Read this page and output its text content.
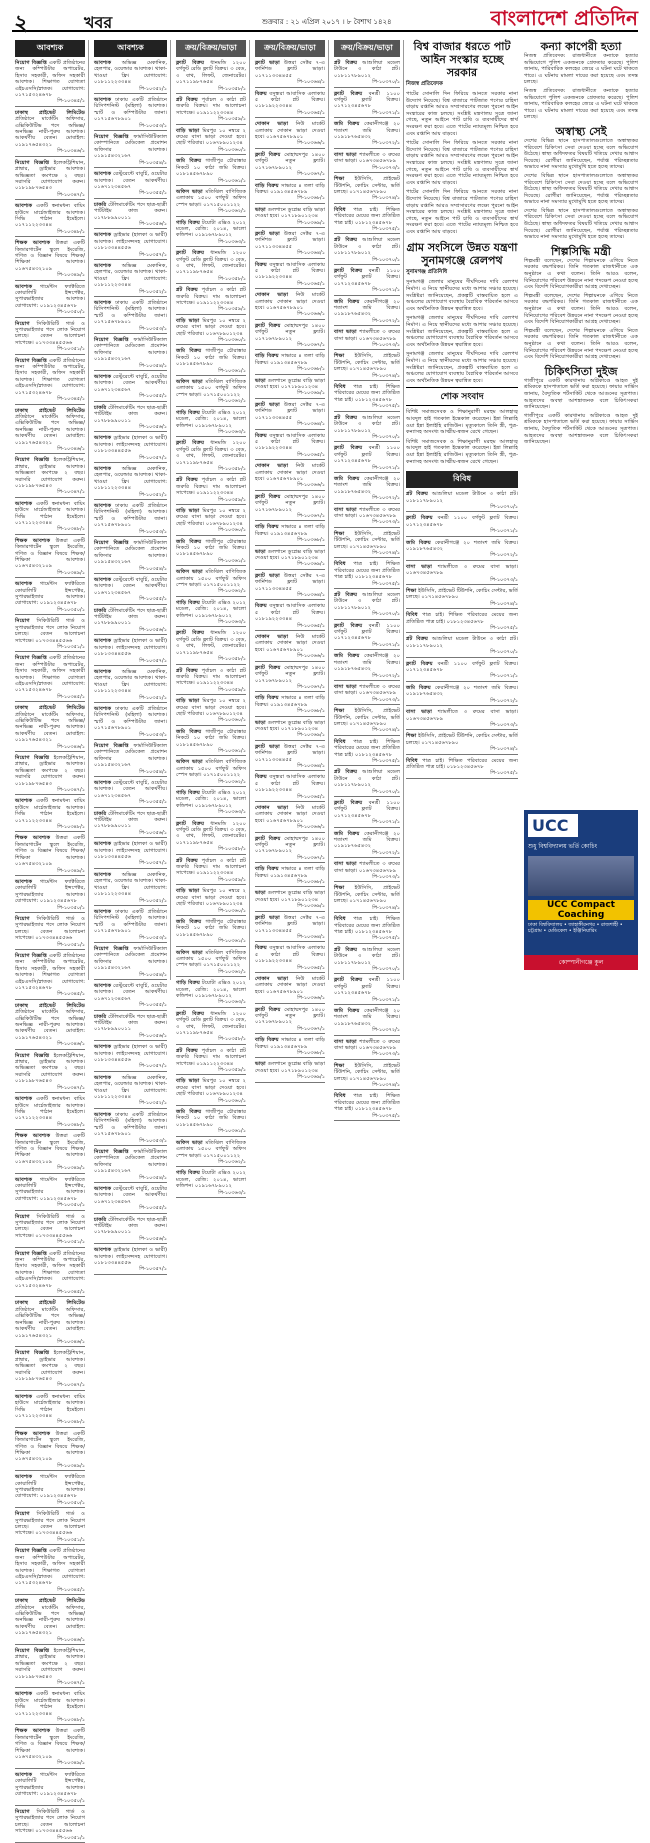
২	খবর	শুক্রবার : ২১ এপ্রিল ২০১৭ । ৮ বৈশাখ ১৪২৪	বাংলাদেশ প্রতিদিন
আবশ্যক
নিয়োগ বিজ্ঞপ্তি একটি প্রতিষ্ঠানের জন্য কম্পিউটার অপারেটর, হিসাব সহকারী, অফিস সহকারী আবশ্যক। শিক্ষাগত যোগ্যতা এইচএসসি/স্নাতক। যোগাযোগ: ০১৭১৫৩২৪৬৭৮
পি-১০৩৪৫/১
ঢাকাস্থ প্রাইভেট লিমিটেড প্রতিষ্ঠানে মার্কেটিং অফিসার, এক্সিকিউটিভ পদে অভিজ্ঞ/অনভিজ্ঞ নারী-পুরুষ আবশ্যক। আকর্ষণীয় বেতন। মোবাইল: ০১৯১৭৬৫৪৩২১
পি-১০৩৪৬/১
নিয়োগ বিজ্ঞপ্তি ইলেকট্রিশিয়ান, প্লাম্বার, ড্রাইভার আবশ্যক। অভিজ্ঞতা কমপক্ষে ২ বছর। সরাসরি যোগাযোগ করুন। ০১৮১৯৮৭৬৫৪৩
পি-১০৩৪৭/১
আবশ্যক একটি স্বনামধন্য বায়িং হাউসে মার্চেন্ডাইজার আবশ্যক। সিভি পাঠান ইমেইলে। ০১৭১১২২৩৩৪৪
পি-১০৩৪৮/১
শিক্ষক আবশ্যক উত্তরা একটি কিন্ডারগার্টেন স্কুলে ইংরেজি, গণিত ও বিজ্ঞান বিষয়ে শিক্ষক/শিক্ষিকা আবশ্যক। ০১৬৭৫৪৩২১০৯
পি-১০৩৪৯/১
আবশ্যক গার্মেন্টস ফ্যাক্টরিতে কোয়ালিটি ইন্সপেক্টর, সুপারভাইজার আবশ্যক। যোগাযোগ: ০১৯১২৩৪৫৬৭৮
পি-১০৩৫০/১
নিয়োগ সিকিউরিটি গার্ড ও সুপারভাইজার পদে লোক নিয়োগ চলছে। বেতন আলোচনা সাপেক্ষে। ০১৭৩৩৪৪৫৫৬৬
পি-১০৩৫১/১
নিয়োগ বিজ্ঞপ্তি একটি প্রতিষ্ঠানের জন্য কম্পিউটার অপারেটর, হিসাব সহকারী, অফিস সহকারী আবশ্যক। শিক্ষাগত যোগ্যতা এইচএসসি/স্নাতক। যোগাযোগ: ০১৭১৫৩২৪৬৭৮
পি-১০৩৪৫/১
ঢাকাস্থ প্রাইভেট লিমিটেড প্রতিষ্ঠানে মার্কেটিং অফিসার, এক্সিকিউটিভ পদে অভিজ্ঞ/অনভিজ্ঞ নারী-পুরুষ আবশ্যক। আকর্ষণীয় বেতন। মোবাইল: ০১৯১৭৬৫৪৩২১
পি-১০৩৪৬/১
নিয়োগ বিজ্ঞপ্তি ইলেকট্রিশিয়ান, প্লাম্বার, ড্রাইভার আবশ্যক। অভিজ্ঞতা কমপক্ষে ২ বছর। সরাসরি যোগাযোগ করুন। ০১৮১৯৮৭৬৫৪৩
পি-১০৩৪৭/১
আবশ্যক একটি স্বনামধন্য বায়িং হাউসে মার্চেন্ডাইজার আবশ্যক। সিভি পাঠান ইমেইলে। ০১৭১১২২৩৩৪৪
পি-১০৩৪৮/১
শিক্ষক আবশ্যক উত্তরা একটি কিন্ডারগার্টেন স্কুলে ইংরেজি, গণিত ও বিজ্ঞান বিষয়ে শিক্ষক/শিক্ষিকা আবশ্যক। ০১৬৭৫৪৩২১০৯
পি-১০৩৪৯/১
আবশ্যক গার্মেন্টস ফ্যাক্টরিতে কোয়ালিটি ইন্সপেক্টর, সুপারভাইজার আবশ্যক। যোগাযোগ: ০১৯১২৩৪৫৬৭৮
পি-১০৩৫০/১
নিয়োগ সিকিউরিটি গার্ড ও সুপারভাইজার পদে লোক নিয়োগ চলছে। বেতন আলোচনা সাপেক্ষে। ০১৭৩৩৪৪৫৫৬৬
পি-১০৩৫১/১
নিয়োগ বিজ্ঞপ্তি একটি প্রতিষ্ঠানের জন্য কম্পিউটার অপারেটর, হিসাব সহকারী, অফিস সহকারী আবশ্যক। শিক্ষাগত যোগ্যতা এইচএসসি/স্নাতক। যোগাযোগ: ০১৭১৫৩২৪৬৭৮
পি-১০৩৪৫/১
ঢাকাস্থ প্রাইভেট লিমিটেড প্রতিষ্ঠানে মার্কেটিং অফিসার, এক্সিকিউটিভ পদে অভিজ্ঞ/অনভিজ্ঞ নারী-পুরুষ আবশ্যক। আকর্ষণীয় বেতন। মোবাইল: ০১৯১৭৬৫৪৩২১
পি-১০৩৪৬/১
নিয়োগ বিজ্ঞপ্তি ইলেকট্রিশিয়ান, প্লাম্বার, ড্রাইভার আবশ্যক। অভিজ্ঞতা কমপক্ষে ২ বছর। সরাসরি যোগাযোগ করুন। ০১৮১৯৮৭৬৫৪৩
পি-১০৩৪৭/১
আবশ্যক একটি স্বনামধন্য বায়িং হাউসে মার্চেন্ডাইজার আবশ্যক। সিভি পাঠান ইমেইলে। ০১৭১১২২৩৩৪৪
পি-১০৩৪৮/১
শিক্ষক আবশ্যক উত্তরা একটি কিন্ডারগার্টেন স্কুলে ইংরেজি, গণিত ও বিজ্ঞান বিষয়ে শিক্ষক/শিক্ষিকা আবশ্যক। ০১৬৭৫৪৩২১০৯
পি-১০৩৪৯/১
আবশ্যক গার্মেন্টস ফ্যাক্টরিতে কোয়ালিটি ইন্সপেক্টর, সুপারভাইজার আবশ্যক। যোগাযোগ: ০১৯১২৩৪৫৬৭৮
পি-১০৩৫০/১
নিয়োগ সিকিউরিটি গার্ড ও সুপারভাইজার পদে লোক নিয়োগ চলছে। বেতন আলোচনা সাপেক্ষে। ০১৭৩৩৪৪৫৫৬৬
পি-১০৩৫১/১
নিয়োগ বিজ্ঞপ্তি একটি প্রতিষ্ঠানের জন্য কম্পিউটার অপারেটর, হিসাব সহকারী, অফিস সহকারী আবশ্যক। শিক্ষাগত যোগ্যতা এইচএসসি/স্নাতক। যোগাযোগ: ০১৭১৫৩২৪৬৭৮
পি-১০৩৪৫/১
ঢাকাস্থ প্রাইভেট লিমিটেড প্রতিষ্ঠানে মার্কেটিং অফিসার, এক্সিকিউটিভ পদে অভিজ্ঞ/অনভিজ্ঞ নারী-পুরুষ আবশ্যক। আকর্ষণীয় বেতন। মোবাইল: ০১৯১৭৬৫৪৩২১
পি-১০৩৪৬/১
নিয়োগ বিজ্ঞপ্তি ইলেকট্রিশিয়ান, প্লাম্বার, ড্রাইভার আবশ্যক। অভিজ্ঞতা কমপক্ষে ২ বছর। সরাসরি যোগাযোগ করুন। ০১৮১৯৮৭৬৫৪৩
পি-১০৩৪৭/১
আবশ্যক একটি স্বনামধন্য বায়িং হাউসে মার্চেন্ডাইজার আবশ্যক। সিভি পাঠান ইমেইলে। ০১৭১১২২৩৩৪৪
পি-১০৩৪৮/১
শিক্ষক আবশ্যক উত্তরা একটি কিন্ডারগার্টেন স্কুলে ইংরেজি, গণিত ও বিজ্ঞান বিষয়ে শিক্ষক/শিক্ষিকা আবশ্যক। ০১৬৭৫৪৩২১০৯
পি-১০৩৪৯/১
আবশ্যক গার্মেন্টস ফ্যাক্টরিতে কোয়ালিটি ইন্সপেক্টর, সুপারভাইজার আবশ্যক। যোগাযোগ: ০১৯১২৩৪৫৬৭৮
পি-১০৩৫০/১
নিয়োগ সিকিউরিটি গার্ড ও সুপারভাইজার পদে লোক নিয়োগ চলছে। বেতন আলোচনা সাপেক্ষে। ০১৭৩৩৪৪৫৫৬৬
পি-১০৩৫১/১
নিয়োগ বিজ্ঞপ্তি একটি প্রতিষ্ঠানের জন্য কম্পিউটার অপারেটর, হিসাব সহকারী, অফিস সহকারী আবশ্যক। শিক্ষাগত যোগ্যতা এইচএসসি/স্নাতক। যোগাযোগ: ০১৭১৫৩২৪৬৭৮
পি-১০৩৪৫/১
ঢাকাস্থ প্রাইভেট লিমিটেড প্রতিষ্ঠানে মার্কেটিং অফিসার, এক্সিকিউটিভ পদে অভিজ্ঞ/অনভিজ্ঞ নারী-পুরুষ আবশ্যক। আকর্ষণীয় বেতন। মোবাইল: ০১৯১৭৬৫৪৩২১
পি-১০৩৪৬/১
নিয়োগ বিজ্ঞপ্তি ইলেকট্রিশিয়ান, প্লাম্বার, ড্রাইভার আবশ্যক। অভিজ্ঞতা কমপক্ষে ২ বছর। সরাসরি যোগাযোগ করুন। ০১৮১৯৮৭৬৫৪৩
পি-১০৩৪৭/১
আবশ্যক একটি স্বনামধন্য বায়িং হাউসে মার্চেন্ডাইজার আবশ্যক। সিভি পাঠান ইমেইলে। ০১৭১১২২৩৩৪৪
পি-১০৩৪৮/১
শিক্ষক আবশ্যক উত্তরা একটি কিন্ডারগার্টেন স্কুলে ইংরেজি, গণিত ও বিজ্ঞান বিষয়ে শিক্ষক/শিক্ষিকা আবশ্যক। ০১৬৭৫৪৩২১০৯
পি-১০৩৪৯/১
আবশ্যক গার্মেন্টস ফ্যাক্টরিতে কোয়ালিটি ইন্সপেক্টর, সুপারভাইজার আবশ্যক। যোগাযোগ: ০১৯১২৩৪৫৬৭৮
পি-১০৩৫০/১
নিয়োগ সিকিউরিটি গার্ড ও সুপারভাইজার পদে লোক নিয়োগ চলছে। বেতন আলোচনা সাপেক্ষে। ০১৭৩৩৪৪৫৫৬৬
পি-১০৩৫১/১
নিয়োগ বিজ্ঞপ্তি একটি প্রতিষ্ঠানের জন্য কম্পিউটার অপারেটর, হিসাব সহকারী, অফিস সহকারী আবশ্যক। শিক্ষাগত যোগ্যতা এইচএসসি/স্নাতক। যোগাযোগ: ০১৭১৫৩২৪৬৭৮
পি-১০৩৪৫/১
ঢাকাস্থ প্রাইভেট লিমিটেড প্রতিষ্ঠানে মার্কেটিং অফিসার, এক্সিকিউটিভ পদে অভিজ্ঞ/অনভিজ্ঞ নারী-পুরুষ আবশ্যক। আকর্ষণীয় বেতন। মোবাইল: ০১৯১৭৬৫৪৩২১
পি-১০৩৪৬/১
নিয়োগ বিজ্ঞপ্তি ইলেকট্রিশিয়ান, প্লাম্বার, ড্রাইভার আবশ্যক। অভিজ্ঞতা কমপক্ষে ২ বছর। সরাসরি যোগাযোগ করুন। ০১৮১৯৮৭৬৫৪৩
পি-১০৩৪৭/১
আবশ্যক একটি স্বনামধন্য বায়িং হাউসে মার্চেন্ডাইজার আবশ্যক। সিভি পাঠান ইমেইলে। ০১৭১১২২৩৩৪৪
পি-১০৩৪৮/১
শিক্ষক আবশ্যক উত্তরা একটি কিন্ডারগার্টেন স্কুলে ইংরেজি, গণিত ও বিজ্ঞান বিষয়ে শিক্ষক/শিক্ষিকা আবশ্যক। ০১৬৭৫৪৩২১০৯
পি-১০৩৪৯/১
আবশ্যক গার্মেন্টস ফ্যাক্টরিতে কোয়ালিটি ইন্সপেক্টর, সুপারভাইজার আবশ্যক। যোগাযোগ: ০১৯১২৩৪৫৬৭৮
পি-১০৩৫০/১
নিয়োগ সিকিউরিটি গার্ড ও সুপারভাইজার পদে লোক নিয়োগ চলছে। বেতন আলোচনা সাপেক্ষে। ০১৭৩৩৪৪৫৫৬৬
পি-১০৩৫১/১
আবশ্যক
আবশ্যক অভিজ্ঞ মেকানিক, হেলপার, ওয়েল্ডার আবশ্যক। থাকা-খাওয়া ফ্রি। যোগাযোগ: ০১৮১১২২৩৩৪৪
পি-১০৩৫২/১
আবশ্যক ঢাকায় একটি প্রতিষ্ঠানে রিসিপশনিস্ট (মহিলা) আবশ্যক। স্মার্ট ও কম্পিউটার জানা। ০১৭১৫৬৭৮৯০১
পি-১০৩৫৩/১
নিয়োগ বিজ্ঞপ্তি ফার্মাসিউটিক্যাল কোম্পানিতে মেডিকেল প্রমোশন অফিসার আবশ্যক। ০১৯১৫৪৩২১৬৭
পি-১০৩৫৪/১
আবশ্যক রেস্টুরেন্টে বাবুর্চি, ওয়েটার আবশ্যক। বেতন আকর্ষণীয়। ০১৬৭১২৩৪৫৬৭
পি-১০৩৫৫/১
চাকরি টেলিমার্কেটিং পদে ছাত্র-ছাত্রী পার্টটাইম কাজ করুন। ০১৭৮৮৯৯০০১১
পি-১০৩৫৬/১
আবশ্যক ড্রাইভার (হালকা ও ভারী) আবশ্যক। লাইসেন্সসহ যোগাযোগ। ০১৮১৩৩৪৪৫৫৬
পি-১০৩৫৭/১
আবশ্যক অভিজ্ঞ মেকানিক, হেলপার, ওয়েল্ডার আবশ্যক। থাকা-খাওয়া ফ্রি। যোগাযোগ: ০১৮১১২২৩৩৪৪
পি-১০৩৫২/১
আবশ্যক ঢাকায় একটি প্রতিষ্ঠানে রিসিপশনিস্ট (মহিলা) আবশ্যক। স্মার্ট ও কম্পিউটার জানা। ০১৭১৫৬৭৮৯০১
পি-১০৩৫৩/১
নিয়োগ বিজ্ঞপ্তি ফার্মাসিউটিক্যাল কোম্পানিতে মেডিকেল প্রমোশন অফিসার আবশ্যক। ০১৯১৫৪৩২১৬৭
পি-১০৩৫৪/১
আবশ্যক রেস্টুরেন্টে বাবুর্চি, ওয়েটার আবশ্যক। বেতন আকর্ষণীয়। ০১৬৭১২৩৪৫৬৭
পি-১০৩৫৫/১
চাকরি টেলিমার্কেটিং পদে ছাত্র-ছাত্রী পার্টটাইম কাজ করুন। ০১৭৮৮৯৯০০১১
পি-১০৩৫৬/১
আবশ্যক ড্রাইভার (হালকা ও ভারী) আবশ্যক। লাইসেন্সসহ যোগাযোগ। ০১৮১৩৩৪৪৫৫৬
পি-১০৩৫৭/১
আবশ্যক অভিজ্ঞ মেকানিক, হেলপার, ওয়েল্ডার আবশ্যক। থাকা-খাওয়া ফ্রি। যোগাযোগ: ০১৮১১২২৩৩৪৪
পি-১০৩৫২/১
আবশ্যক ঢাকায় একটি প্রতিষ্ঠানে রিসিপশনিস্ট (মহিলা) আবশ্যক। স্মার্ট ও কম্পিউটার জানা। ০১৭১৫৬৭৮৯০১
পি-১০৩৫৩/১
নিয়োগ বিজ্ঞপ্তি ফার্মাসিউটিক্যাল কোম্পানিতে মেডিকেল প্রমোশন অফিসার আবশ্যক। ০১৯১৫৪৩২১৬৭
পি-১০৩৫৪/১
আবশ্যক রেস্টুরেন্টে বাবুর্চি, ওয়েটার আবশ্যক। বেতন আকর্ষণীয়। ০১৬৭১২৩৪৫৬৭
পি-১০৩৫৫/১
চাকরি টেলিমার্কেটিং পদে ছাত্র-ছাত্রী পার্টটাইম কাজ করুন। ০১৭৮৮৯৯০০১১
পি-১০৩৫৬/১
আবশ্যক ড্রাইভার (হালকা ও ভারী) আবশ্যক। লাইসেন্সসহ যোগাযোগ। ০১৮১৩৩৪৪৫৫৬
পি-১০৩৫৭/১
আবশ্যক অভিজ্ঞ মেকানিক, হেলপার, ওয়েল্ডার আবশ্যক। থাকা-খাওয়া ফ্রি। যোগাযোগ: ০১৮১১২২৩৩৪৪
পি-১০৩৫২/১
আবশ্যক ঢাকায় একটি প্রতিষ্ঠানে রিসিপশনিস্ট (মহিলা) আবশ্যক। স্মার্ট ও কম্পিউটার জানা। ০১৭১৫৬৭৮৯০১
পি-১০৩৫৩/১
নিয়োগ বিজ্ঞপ্তি ফার্মাসিউটিক্যাল কোম্পানিতে মেডিকেল প্রমোশন অফিসার আবশ্যক। ০১৯১৫৪৩২১৬৭
পি-১০৩৫৪/১
আবশ্যক রেস্টুরেন্টে বাবুর্চি, ওয়েটার আবশ্যক। বেতন আকর্ষণীয়। ০১৬৭১২৩৪৫৬৭
পি-১০৩৫৫/১
চাকরি টেলিমার্কেটিং পদে ছাত্র-ছাত্রী পার্টটাইম কাজ করুন। ০১৭৮৮৯৯০০১১
পি-১০৩৫৬/১
আবশ্যক ড্রাইভার (হালকা ও ভারী) আবশ্যক। লাইসেন্সসহ যোগাযোগ। ০১৮১৩৩৪৪৫৫৬
পি-১০৩৫৭/১
আবশ্যক অভিজ্ঞ মেকানিক, হেলপার, ওয়েল্ডার আবশ্যক। থাকা-খাওয়া ফ্রি। যোগাযোগ: ০১৮১১২২৩৩৪৪
পি-১০৩৫২/১
আবশ্যক ঢাকায় একটি প্রতিষ্ঠানে রিসিপশনিস্ট (মহিলা) আবশ্যক। স্মার্ট ও কম্পিউটার জানা। ০১৭১৫৬৭৮৯০১
পি-১০৩৫৩/১
নিয়োগ বিজ্ঞপ্তি ফার্মাসিউটিক্যাল কোম্পানিতে মেডিকেল প্রমোশন অফিসার আবশ্যক। ০১৯১৫৪৩২১৬৭
পি-১০৩৫৪/১
আবশ্যক রেস্টুরেন্টে বাবুর্চি, ওয়েটার আবশ্যক। বেতন আকর্ষণীয়। ০১৬৭১২৩৪৫৬৭
পি-১০৩৫৫/১
চাকরি টেলিমার্কেটিং পদে ছাত্র-ছাত্রী পার্টটাইম কাজ করুন। ০১৭৮৮৯৯০০১১
পি-১০৩৫৬/১
আবশ্যক ড্রাইভার (হালকা ও ভারী) আবশ্যক। লাইসেন্সসহ যোগাযোগ। ০১৮১৩৩৪৪৫৫৬
পি-১০৩৫৭/১
আবশ্যক অভিজ্ঞ মেকানিক, হেলপার, ওয়েল্ডার আবশ্যক। থাকা-খাওয়া ফ্রি। যোগাযোগ: ০১৮১১২২৩৩৪৪
পি-১০৩৫২/১
আবশ্যক ঢাকায় একটি প্রতিষ্ঠানে রিসিপশনিস্ট (মহিলা) আবশ্যক। স্মার্ট ও কম্পিউটার জানা। ০১৭১৫৬৭৮৯০১
পি-১০৩৫৩/১
নিয়োগ বিজ্ঞপ্তি ফার্মাসিউটিক্যাল কোম্পানিতে মেডিকেল প্রমোশন অফিসার আবশ্যক। ০১৯১৫৪৩২১৬৭
পি-১০৩৫৪/১
আবশ্যক রেস্টুরেন্টে বাবুর্চি, ওয়েটার আবশ্যক। বেতন আকর্ষণীয়। ০১৬৭১২৩৪৫৬৭
পি-১০৩৫৫/১
চাকরি টেলিমার্কেটিং পদে ছাত্র-ছাত্রী পার্টটাইম কাজ করুন। ০১৭৮৮৯৯০০১১
পি-১০৩৫৬/১
আবশ্যক ড্রাইভার (হালকা ও ভারী) আবশ্যক। লাইসেন্সসহ যোগাযোগ। ০১৮১৩৩৪৪৫৫৬
পি-১০৩৫৭/১
ক্রয়/বিক্রয়/ভাড়া
ফ্ল্যাট বিক্রয় ধানমন্ডি ১২০০ বর্গফুট রেডি ফ্ল্যাট বিক্রয়। ৩ বেড, ৩ বাথ, লিফট, জেনারেটর। ০১৭১১৯৮৭৬৫৪
পি-১০৩৫৮/১
প্লট বিক্রয় পূর্বাচল ৩ কাঠা প্লট জরুরি বিক্রয়। দাম আলোচনা সাপেক্ষে। ০১৯১১২২৩৩৪৪
পি-১০৩৫৯/১
বাড়ি ভাড়া মিরপুর ১০ নম্বরে ২ রুমের বাসা ভাড়া দেওয়া হবে। ছোট পরিবার। ০১৬৭৮৯০১২৩৪
পি-১০৩৬০/১
জমি বিক্রয় গাজীপুর চৌরাস্তার নিকটে ১০ কাঠা জমি বিক্রয়। ০১৮১৪৫৬৭৮৯০
পি-১০৩৬১/১
অফিস ভাড়া মতিঝিল বাণিজ্যিক এলাকায় ১৫০০ বর্গফুট অফিস স্পেস ভাড়া। ০১৭১৫০০১১২২
পি-১০৩৬২/১
গাড়ি বিক্রয় টয়োটা এক্সিও ২০১২ মডেল, রেজি: ২০১৪, ভালো কন্ডিশন। ০১৯১৬৭৮৯০১২
পি-১০৩৬৩/১
ফ্ল্যাট বিক্রয় ধানমন্ডি ১২০০ বর্গফুট রেডি ফ্ল্যাট বিক্রয়। ৩ বেড, ৩ বাথ, লিফট, জেনারেটর। ০১৭১১৯৮৭৬৫৪
পি-১০৩৫৮/১
প্লট বিক্রয় পূর্বাচল ৩ কাঠা প্লট জরুরি বিক্রয়। দাম আলোচনা সাপেক্ষে। ০১৯১১২২৩৩৪৪
পি-১০৩৫৯/১
বাড়ি ভাড়া মিরপুর ১০ নম্বরে ২ রুমের বাসা ভাড়া দেওয়া হবে। ছোট পরিবার। ০১৬৭৮৯০১২৩৪
পি-১০৩৬০/১
জমি বিক্রয় গাজীপুর চৌরাস্তার নিকটে ১০ কাঠা জমি বিক্রয়। ০১৮১৪৫৬৭৮৯০
পি-১০৩৬১/১
অফিস ভাড়া মতিঝিল বাণিজ্যিক এলাকায় ১৫০০ বর্গফুট অফিস স্পেস ভাড়া। ০১৭১৫০০১১২২
পি-১০৩৬২/১
গাড়ি বিক্রয় টয়োটা এক্সিও ২০১২ মডেল, রেজি: ২০১৪, ভালো কন্ডিশন। ০১৯১৬৭৮৯০১২
পি-১০৩৬৩/১
ফ্ল্যাট বিক্রয় ধানমন্ডি ১২০০ বর্গফুট রেডি ফ্ল্যাট বিক্রয়। ৩ বেড, ৩ বাথ, লিফট, জেনারেটর। ০১৭১১৯৮৭৬৫৪
পি-১০৩৫৮/১
প্লট বিক্রয় পূর্বাচল ৩ কাঠা প্লট জরুরি বিক্রয়। দাম আলোচনা সাপেক্ষে। ০১৯১১২২৩৩৪৪
পি-১০৩৫৯/১
বাড়ি ভাড়া মিরপুর ১০ নম্বরে ২ রুমের বাসা ভাড়া দেওয়া হবে। ছোট পরিবার। ০১৬৭৮৯০১২৩৪
পি-১০৩৬০/১
জমি বিক্রয় গাজীপুর চৌরাস্তার নিকটে ১০ কাঠা জমি বিক্রয়। ০১৮১৪৫৬৭৮৯০
পি-১০৩৬১/১
অফিস ভাড়া মতিঝিল বাণিজ্যিক এলাকায় ১৫০০ বর্গফুট অফিস স্পেস ভাড়া। ০১৭১৫০০১১২২
পি-১০৩৬২/১
গাড়ি বিক্রয় টয়োটা এক্সিও ২০১২ মডেল, রেজি: ২০১৪, ভালো কন্ডিশন। ০১৯১৬৭৮৯০১২
পি-১০৩৬৩/১
ফ্ল্যাট বিক্রয় ধানমন্ডি ১২০০ বর্গফুট রেডি ফ্ল্যাট বিক্রয়। ৩ বেড, ৩ বাথ, লিফট, জেনারেটর। ০১৭১১৯৮৭৬৫৪
পি-১০৩৫৮/১
প্লট বিক্রয় পূর্বাচল ৩ কাঠা প্লট জরুরি বিক্রয়। দাম আলোচনা সাপেক্ষে। ০১৯১১২২৩৩৪৪
পি-১০৩৫৯/১
বাড়ি ভাড়া মিরপুর ১০ নম্বরে ২ রুমের বাসা ভাড়া দেওয়া হবে। ছোট পরিবার। ০১৬৭৮৯০১২৩৪
পি-১০৩৬০/১
জমি বিক্রয় গাজীপুর চৌরাস্তার নিকটে ১০ কাঠা জমি বিক্রয়। ০১৮১৪৫৬৭৮৯০
পি-১০৩৬১/১
অফিস ভাড়া মতিঝিল বাণিজ্যিক এলাকায় ১৫০০ বর্গফুট অফিস স্পেস ভাড়া। ০১৭১৫০০১১২২
পি-১০৩৬২/১
গাড়ি বিক্রয় টয়োটা এক্সিও ২০১২ মডেল, রেজি: ২০১৪, ভালো কন্ডিশন। ০১৯১৬৭৮৯০১২
পি-১০৩৬৩/১
ফ্ল্যাট বিক্রয় ধানমন্ডি ১২০০ বর্গফুট রেডি ফ্ল্যাট বিক্রয়। ৩ বেড, ৩ বাথ, লিফট, জেনারেটর। ০১৭১১৯৮৭৬৫৪
পি-১০৩৫৮/১
প্লট বিক্রয় পূর্বাচল ৩ কাঠা প্লট জরুরি বিক্রয়। দাম আলোচনা সাপেক্ষে। ০১৯১১২২৩৩৪৪
পি-১০৩৫৯/১
বাড়ি ভাড়া মিরপুর ১০ নম্বরে ২ রুমের বাসা ভাড়া দেওয়া হবে। ছোট পরিবার। ০১৬৭৮৯০১২৩৪
পি-১০৩৬০/১
জমি বিক্রয় গাজীপুর চৌরাস্তার নিকটে ১০ কাঠা জমি বিক্রয়। ০১৮১৪৫৬৭৮৯০
পি-১০৩৬১/১
অফিস ভাড়া মতিঝিল বাণিজ্যিক এলাকায় ১৫০০ বর্গফুট অফিস স্পেস ভাড়া। ০১৭১৫০০১১২২
পি-১০৩৬২/১
গাড়ি বিক্রয় টয়োটা এক্সিও ২০১২ মডেল, রেজি: ২০১৪, ভালো কন্ডিশন। ০১৯১৬৭৮৯০১২
পি-১০৩৬৩/১
ফ্ল্যাট বিক্রয় ধানমন্ডি ১২০০ বর্গফুট রেডি ফ্ল্যাট বিক্রয়। ৩ বেড, ৩ বাথ, লিফট, জেনারেটর। ০১৭১১৯৮৭৬৫৪
পি-১০৩৫৮/১
প্লট বিক্রয় পূর্বাচল ৩ কাঠা প্লট জরুরি বিক্রয়। দাম আলোচনা সাপেক্ষে। ০১৯১১২২৩৩৪৪
পি-১০৩৫৯/১
বাড়ি ভাড়া মিরপুর ১০ নম্বরে ২ রুমের বাসা ভাড়া দেওয়া হবে। ছোট পরিবার। ০১৬৭৮৯০১২৩৪
পি-১০৩৬০/১
জমি বিক্রয় গাজীপুর চৌরাস্তার নিকটে ১০ কাঠা জমি বিক্রয়। ০১৮১৪৫৬৭৮৯০
পি-১০৩৬১/১
অফিস ভাড়া মতিঝিল বাণিজ্যিক এলাকায় ১৫০০ বর্গফুট অফিস স্পেস ভাড়া। ০১৭১৫০০১১২২
পি-১০৩৬২/১
গাড়ি বিক্রয় টয়োটা এক্সিও ২০১২ মডেল, রেজি: ২০১৪, ভালো কন্ডিশন। ০১৯১৬৭৮৯০১২
পি-১০৩৬৩/১
ক্রয়/বিক্রয়/ভাড়া
ফ্ল্যাট ভাড়া উত্তরা সেক্টর ৭-এ ফার্নিশড ফ্ল্যাট ভাড়া। ০১৭১১৩৩৪৪৫৫
পি-১০৩৬৪/১
বিক্রয় বসুন্ধরা আবাসিক এলাকায় ৫ কাঠা প্লট বিক্রয়। ০১৮১৯২২৩৩৪৪
পি-১০৩৬৫/১
দোকান ভাড়া নিউ মার্কেট এলাকায় দোকান ভাড়া দেওয়া হবে। ০১৬৭৫৬৭৮৯০১
পি-১০৩৬৬/১
ফ্ল্যাট বিক্রয় মোহাম্মদপুর ১৪০০ বর্গফুট নতুন ফ্ল্যাট। ০১৭১৬৭৮৯০১২
পি-১০৩৬৭/১
বাড়ি বিক্রয় সাভারে ৪ তলা বাড়ি বিক্রয়। ০১৯১৩৪৫৬৭৮৯
পি-১০৩৬৮/১
ভাড়া গুলশানে ডুপ্লেক্স বাড়ি ভাড়া দেওয়া হবে। ০১৭১৮৯০১২৩৪
পি-১০৩৬৯/১
ফ্ল্যাট ভাড়া উত্তরা সেক্টর ৭-এ ফার্নিশড ফ্ল্যাট ভাড়া। ০১৭১১৩৩৪৪৫৫
পি-১০৩৬৪/১
বিক্রয় বসুন্ধরা আবাসিক এলাকায় ৫ কাঠা প্লট বিক্রয়। ০১৮১৯২২৩৩৪৪
পি-১০৩৬৫/১
দোকান ভাড়া নিউ মার্কেট এলাকায় দোকান ভাড়া দেওয়া হবে। ০১৬৭৫৬৭৮৯০১
পি-১০৩৬৬/১
ফ্ল্যাট বিক্রয় মোহাম্মদপুর ১৪০০ বর্গফুট নতুন ফ্ল্যাট। ০১৭১৬৭৮৯০১২
পি-১০৩৬৭/১
বাড়ি বিক্রয় সাভারে ৪ তলা বাড়ি বিক্রয়। ০১৯১৩৪৫৬৭৮৯
পি-১০৩৬৮/১
ভাড়া গুলশানে ডুপ্লেক্স বাড়ি ভাড়া দেওয়া হবে। ০১৭১৮৯০১২৩৪
পি-১০৩৬৯/১
ফ্ল্যাট ভাড়া উত্তরা সেক্টর ৭-এ ফার্নিশড ফ্ল্যাট ভাড়া। ০১৭১১৩৩৪৪৫৫
পি-১০৩৬৪/১
বিক্রয় বসুন্ধরা আবাসিক এলাকায় ৫ কাঠা প্লট বিক্রয়। ০১৮১৯২২৩৩৪৪
পি-১০৩৬৫/১
দোকান ভাড়া নিউ মার্কেট এলাকায় দোকান ভাড়া দেওয়া হবে। ০১৬৭৫৬৭৮৯০১
পি-১০৩৬৬/১
ফ্ল্যাট বিক্রয় মোহাম্মদপুর ১৪০০ বর্গফুট নতুন ফ্ল্যাট। ০১৭১৬৭৮৯০১২
পি-১০৩৬৭/১
বাড়ি বিক্রয় সাভারে ৪ তলা বাড়ি বিক্রয়। ০১৯১৩৪৫৬৭৮৯
পি-১০৩৬৮/১
ভাড়া গুলশানে ডুপ্লেক্স বাড়ি ভাড়া দেওয়া হবে। ০১৭১৮৯০১২৩৪
পি-১০৩৬৯/১
ফ্ল্যাট ভাড়া উত্তরা সেক্টর ৭-এ ফার্নিশড ফ্ল্যাট ভাড়া। ০১৭১১৩৩৪৪৫৫
পি-১০৩৬৪/১
বিক্রয় বসুন্ধরা আবাসিক এলাকায় ৫ কাঠা প্লট বিক্রয়। ০১৮১৯২২৩৩৪৪
পি-১০৩৬৫/১
দোকান ভাড়া নিউ মার্কেট এলাকায় দোকান ভাড়া দেওয়া হবে। ০১৬৭৫৬৭৮৯০১
পি-১০৩৬৬/১
ফ্ল্যাট বিক্রয় মোহাম্মদপুর ১৪০০ বর্গফুট নতুন ফ্ল্যাট। ০১৭১৬৭৮৯০১২
পি-১০৩৬৭/১
বাড়ি বিক্রয় সাভারে ৪ তলা বাড়ি বিক্রয়। ০১৯১৩৪৫৬৭৮৯
পি-১০৩৬৮/১
ভাড়া গুলশানে ডুপ্লেক্স বাড়ি ভাড়া দেওয়া হবে। ০১৭১৮৯০১২৩৪
পি-১০৩৬৯/১
ফ্ল্যাট ভাড়া উত্তরা সেক্টর ৭-এ ফার্নিশড ফ্ল্যাট ভাড়া। ০১৭১১৩৩৪৪৫৫
পি-১০৩৬৪/১
বিক্রয় বসুন্ধরা আবাসিক এলাকায় ৫ কাঠা প্লট বিক্রয়। ০১৮১৯২২৩৩৪৪
পি-১০৩৬৫/১
দোকান ভাড়া নিউ মার্কেট এলাকায় দোকান ভাড়া দেওয়া হবে। ০১৬৭৫৬৭৮৯০১
পি-১০৩৬৬/১
ফ্ল্যাট বিক্রয় মোহাম্মদপুর ১৪০০ বর্গফুট নতুন ফ্ল্যাট। ০১৭১৬৭৮৯০১২
পি-১০৩৬৭/১
বাড়ি বিক্রয় সাভারে ৪ তলা বাড়ি বিক্রয়। ০১৯১৩৪৫৬৭৮৯
পি-১০৩৬৮/১
ভাড়া গুলশানে ডুপ্লেক্স বাড়ি ভাড়া দেওয়া হবে। ০১৭১৮৯০১২৩৪
পি-১০৩৬৯/১
ফ্ল্যাট ভাড়া উত্তরা সেক্টর ৭-এ ফার্নিশড ফ্ল্যাট ভাড়া। ০১৭১১৩৩৪৪৫৫
পি-১০৩৬৪/১
বিক্রয় বসুন্ধরা আবাসিক এলাকায় ৫ কাঠা প্লট বিক্রয়। ০১৮১৯২২৩৩৪৪
পি-১০৩৬৫/১
দোকান ভাড়া নিউ মার্কেট এলাকায় দোকান ভাড়া দেওয়া হবে। ০১৬৭৫৬৭৮৯০১
পি-১০৩৬৬/১
ফ্ল্যাট বিক্রয় মোহাম্মদপুর ১৪০০ বর্গফুট নতুন ফ্ল্যাট। ০১৭১৬৭৮৯০১২
পি-১০৩৬৭/১
বাড়ি বিক্রয় সাভারে ৪ তলা বাড়ি বিক্রয়। ০১৯১৩৪৫৬৭৮৯
পি-১০৩৬৮/১
ভাড়া গুলশানে ডুপ্লেক্স বাড়ি ভাড়া দেওয়া হবে। ০১৭১৮৯০১২৩৪
পি-১০৩৬৯/১
ক্রয়/বিক্রয়/ভাড়া
প্লট বিক্রয় আশুলিয়া মডেল টাউনে ৩ কাঠা প্লট। ০১৮১১৭৮৯০১২
পি-১০৩৭০/১
ফ্ল্যাট বিক্রয় বনশ্রী ১১০০ বর্গফুট ফ্ল্যাট বিক্রয়। ০১৭১২৩৪৫৬৭৮
পি-১০৩৭১/১
জমি বিক্রয় কেরানীগঞ্জে ২০ শতাংশ জমি বিক্রয়। ০১৯১৮৭৬৫৪৩২
পি-১০৩৭২/১
বাসা ভাড়া শ্যামলীতে ৩ রুমের বাসা ভাড়া। ০১৬৭৩৪৫৬৭৮৯
পি-১০৩৭৩/১
শিক্ষা ইউসিসি, প্রাইভেট টিউশনি, কোচিং সেন্টার, ভর্তি চলছে। ০১৭১৪৫৬৭৮৯০
পি-১০৩৭৪/১
বিবিধ পাত্র চাই। শিক্ষিত পরিবারের মেয়ের জন্য প্রতিষ্ঠিত পাত্র চাই। ০১৮১২৩৪৫৬৭৮
পি-১০৩৭৫/১
প্লট বিক্রয় আশুলিয়া মডেল টাউনে ৩ কাঠা প্লট। ০১৮১১৭৮৯০১২
পি-১০৩৭০/১
ফ্ল্যাট বিক্রয় বনশ্রী ১১০০ বর্গফুট ফ্ল্যাট বিক্রয়। ০১৭১২৩৪৫৬৭৮
পি-১০৩৭১/১
জমি বিক্রয় কেরানীগঞ্জে ২০ শতাংশ জমি বিক্রয়। ০১৯১৮৭৬৫৪৩২
পি-১০৩৭২/১
বাসা ভাড়া শ্যামলীতে ৩ রুমের বাসা ভাড়া। ০১৬৭৩৪৫৬৭৮৯
পি-১০৩৭৩/১
শিক্ষা ইউসিসি, প্রাইভেট টিউশনি, কোচিং সেন্টার, ভর্তি চলছে। ০১৭১৪৫৬৭৮৯০
পি-১০৩৭৪/১
বিবিধ পাত্র চাই। শিক্ষিত পরিবারের মেয়ের জন্য প্রতিষ্ঠিত পাত্র চাই। ০১৮১২৩৪৫৬৭৮
পি-১০৩৭৫/১
প্লট বিক্রয় আশুলিয়া মডেল টাউনে ৩ কাঠা প্লট। ০১৮১১৭৮৯০১২
পি-১০৩৭০/১
ফ্ল্যাট বিক্রয় বনশ্রী ১১০০ বর্গফুট ফ্ল্যাট বিক্রয়। ০১৭১২৩৪৫৬৭৮
পি-১০৩৭১/১
জমি বিক্রয় কেরানীগঞ্জে ২০ শতাংশ জমি বিক্রয়। ০১৯১৮৭৬৫৪৩২
পি-১০৩৭২/১
বাসা ভাড়া শ্যামলীতে ৩ রুমের বাসা ভাড়া। ০১৬৭৩৪৫৬৭৮৯
পি-১০৩৭৩/১
শিক্ষা ইউসিসি, প্রাইভেট টিউশনি, কোচিং সেন্টার, ভর্তি চলছে। ০১৭১৪৫৬৭৮৯০
পি-১০৩৭৪/১
বিবিধ পাত্র চাই। শিক্ষিত পরিবারের মেয়ের জন্য প্রতিষ্ঠিত পাত্র চাই। ০১৮১২৩৪৫৬৭৮
পি-১০৩৭৫/১
প্লট বিক্রয় আশুলিয়া মডেল টাউনে ৩ কাঠা প্লট। ০১৮১১৭৮৯০১২
পি-১০৩৭০/১
ফ্ল্যাট বিক্রয় বনশ্রী ১১০০ বর্গফুট ফ্ল্যাট বিক্রয়। ০১৭১২৩৪৫৬৭৮
পি-১০৩৭১/১
জমি বিক্রয় কেরানীগঞ্জে ২০ শতাংশ জমি বিক্রয়। ০১৯১৮৭৬৫৪৩২
পি-১০৩৭২/১
বাসা ভাড়া শ্যামলীতে ৩ রুমের বাসা ভাড়া। ০১৬৭৩৪৫৬৭৮৯
পি-১০৩৭৩/১
শিক্ষা ইউসিসি, প্রাইভেট টিউশনি, কোচিং সেন্টার, ভর্তি চলছে। ০১৭১৪৫৬৭৮৯০
পি-১০৩৭৪/১
বিবিধ পাত্র চাই। শিক্ষিত পরিবারের মেয়ের জন্য প্রতিষ্ঠিত পাত্র চাই। ০১৮১২৩৪৫৬৭৮
পি-১০৩৭৫/১
প্লট বিক্রয় আশুলিয়া মডেল টাউনে ৩ কাঠা প্লট। ০১৮১১৭৮৯০১২
পি-১০৩৭০/১
ফ্ল্যাট বিক্রয় বনশ্রী ১১০০ বর্গফুট ফ্ল্যাট বিক্রয়। ০১৭১২৩৪৫৬৭৮
পি-১০৩৭১/১
জমি বিক্রয় কেরানীগঞ্জে ২০ শতাংশ জমি বিক্রয়। ০১৯১৮৭৬৫৪৩২
পি-১০৩৭২/১
বাসা ভাড়া শ্যামলীতে ৩ রুমের বাসা ভাড়া। ০১৬৭৩৪৫৬৭৮৯
পি-১০৩৭৩/১
শিক্ষা ইউসিসি, প্রাইভেট টিউশনি, কোচিং সেন্টার, ভর্তি চলছে। ০১৭১৪৫৬৭৮৯০
পি-১০৩৭৪/১
বিবিধ পাত্র চাই। শিক্ষিত পরিবারের মেয়ের জন্য প্রতিষ্ঠিত পাত্র চাই। ০১৮১২৩৪৫৬৭৮
পি-১০৩৭৫/১
প্লট বিক্রয় আশুলিয়া মডেল টাউনে ৩ কাঠা প্লট। ০১৮১১৭৮৯০১২
পি-১০৩৭০/১
ফ্ল্যাট বিক্রয় বনশ্রী ১১০০ বর্গফুট ফ্ল্যাট বিক্রয়। ০১৭১২৩৪৫৬৭৮
পি-১০৩৭১/১
জমি বিক্রয় কেরানীগঞ্জে ২০ শতাংশ জমি বিক্রয়। ০১৯১৮৭৬৫৪৩২
পি-১০৩৭২/১
বাসা ভাড়া শ্যামলীতে ৩ রুমের বাসা ভাড়া। ০১৬৭৩৪৫৬৭৮৯
পি-১০৩৭৩/১
শিক্ষা ইউসিসি, প্রাইভেট টিউশনি, কোচিং সেন্টার, ভর্তি চলছে। ০১৭১৪৫৬৭৮৯০
পি-১০৩৭৪/১
বিবিধ পাত্র চাই। শিক্ষিত পরিবারের মেয়ের জন্য প্রতিষ্ঠিত পাত্র চাই। ০১৮১২৩৪৫৬৭৮
পি-১০৩৭৫/১
বিশ্ব বাজার ধরতে পাট আইন সংস্কার হচ্ছে সরকার
নিজস্ব প্রতিবেদক
পাটের সোনালি দিন ফিরিয়ে আনতে সরকার নানা উদ্যোগ নিয়েছে। বিশ্ব বাজারে পাটজাত পণ্যের চাহিদা বাড়ায় রপ্তানি আরও সম্প্রসারণের লক্ষ্যে পুরনো আইন সংস্কারের কাজ চলছে। সংশ্লিষ্ট মন্ত্রণালয় সূত্রে জানা গেছে, নতুন আইনে পাট চাষি ও ব্যবসায়ীদের স্বার্থ সংরক্ষণ করা হবে। এতে পাটের ন্যায্যমূল্য নিশ্চিত হবে এবং রপ্তানি আয় বাড়বে।
পাটের সোনালি দিন ফিরিয়ে আনতে সরকার নানা উদ্যোগ নিয়েছে। বিশ্ব বাজারে পাটজাত পণ্যের চাহিদা বাড়ায় রপ্তানি আরও সম্প্রসারণের লক্ষ্যে পুরনো আইন সংস্কারের কাজ চলছে। সংশ্লিষ্ট মন্ত্রণালয় সূত্রে জানা গেছে, নতুন আইনে পাট চাষি ও ব্যবসায়ীদের স্বার্থ সংরক্ষণ করা হবে। এতে পাটের ন্যায্যমূল্য নিশ্চিত হবে এবং রপ্তানি আয় বাড়বে।
পাটের সোনালি দিন ফিরিয়ে আনতে সরকার নানা উদ্যোগ নিয়েছে। বিশ্ব বাজারে পাটজাত পণ্যের চাহিদা বাড়ায় রপ্তানি আরও সম্প্রসারণের লক্ষ্যে পুরনো আইন সংস্কারের কাজ চলছে। সংশ্লিষ্ট মন্ত্রণালয় সূত্রে জানা গেছে, নতুন আইনে পাট চাষি ও ব্যবসায়ীদের স্বার্থ সংরক্ষণ করা হবে। এতে পাটের ন্যায্যমূল্য নিশ্চিত হবে এবং রপ্তানি আয় বাড়বে।
গ্রাম সংসিলে উন্নত যন্ত্রণা সুনামগঞ্জে রেলপথ
সুনামগঞ্জ প্রতিনিধি
সুনামগঞ্জ জেলার মানুষের দীর্ঘদিনের দাবি রেলপথ নির্মাণ। এ নিয়ে স্থানীয়দের মধ্যে আশার সঞ্চার হয়েছে। সংশ্লিষ্টরা জানিয়েছেন, প্রকল্পটি বাস্তবায়িত হলে এ অঞ্চলের যোগাযোগ ব্যবস্থায় বৈপ্লবিক পরিবর্তন আসবে এবং অর্থনৈতিক উন্নয়ন ত্বরান্বিত হবে।
সুনামগঞ্জ জেলার মানুষের দীর্ঘদিনের দাবি রেলপথ নির্মাণ। এ নিয়ে স্থানীয়দের মধ্যে আশার সঞ্চার হয়েছে। সংশ্লিষ্টরা জানিয়েছেন, প্রকল্পটি বাস্তবায়িত হলে এ অঞ্চলের যোগাযোগ ব্যবস্থায় বৈপ্লবিক পরিবর্তন আসবে এবং অর্থনৈতিক উন্নয়ন ত্বরান্বিত হবে।
সুনামগঞ্জ জেলার মানুষের দীর্ঘদিনের দাবি রেলপথ নির্মাণ। এ নিয়ে স্থানীয়দের মধ্যে আশার সঞ্চার হয়েছে। সংশ্লিষ্টরা জানিয়েছেন, প্রকল্পটি বাস্তবায়িত হলে এ অঞ্চলের যোগাযোগ ব্যবস্থায় বৈপ্লবিক পরিবর্তন আসবে এবং অর্থনৈতিক উন্নয়ন ত্বরান্বিত হবে।
শোক সংবাদ
বিশিষ্ট সমাজসেবক ও শিক্ষানুরাগী মরহুম আলহাজ্ব আবদুল হাই গতকাল ইন্তেকাল করেছেন। ইন্না লিল্লাহি ওয়া ইন্না ইলাইহি রাজিউন। মৃত্যুকালে তিনি স্ত্রী, পুত্র-কন্যাসহ অসংখ্য আত্মীয়-স্বজন রেখে গেছেন।
বিশিষ্ট সমাজসেবক ও শিক্ষানুরাগী মরহুম আলহাজ্ব আবদুল হাই গতকাল ইন্তেকাল করেছেন। ইন্না লিল্লাহি ওয়া ইন্না ইলাইহি রাজিউন। মৃত্যুকালে তিনি স্ত্রী, পুত্র-কন্যাসহ অসংখ্য আত্মীয়-স্বজন রেখে গেছেন।
বিবিধ
প্লট বিক্রয় আশুলিয়া মডেল টাউনে ৩ কাঠা প্লট। ০১৮১১৭৮৯০১২
পি-১০৩৭০/১
ফ্ল্যাট বিক্রয় বনশ্রী ১১০০ বর্গফুট ফ্ল্যাট বিক্রয়। ০১৭১২৩৪৫৬৭৮
পি-১০৩৭১/১
জমি বিক্রয় কেরানীগঞ্জে ২০ শতাংশ জমি বিক্রয়। ০১৯১৮৭৬৫৪৩২
পি-১০৩৭২/১
বাসা ভাড়া শ্যামলীতে ৩ রুমের বাসা ভাড়া। ০১৬৭৩৪৫৬৭৮৯
পি-১০৩৭৩/১
শিক্ষা ইউসিসি, প্রাইভেট টিউশনি, কোচিং সেন্টার, ভর্তি চলছে। ০১৭১৪৫৬৭৮৯০
পি-১০৩৭৪/১
বিবিধ পাত্র চাই। শিক্ষিত পরিবারের মেয়ের জন্য প্রতিষ্ঠিত পাত্র চাই। ০১৮১২৩৪৫৬৭৮
পি-১০৩৭৫/১
প্লট বিক্রয় আশুলিয়া মডেল টাউনে ৩ কাঠা প্লট। ০১৮১১৭৮৯০১২
পি-১০৩৭০/১
ফ্ল্যাট বিক্রয় বনশ্রী ১১০০ বর্গফুট ফ্ল্যাট বিক্রয়। ০১৭১২৩৪৫৬৭৮
পি-১০৩৭১/১
জমি বিক্রয় কেরানীগঞ্জে ২০ শতাংশ জমি বিক্রয়। ০১৯১৮৭৬৫৪৩২
পি-১০৩৭২/১
বাসা ভাড়া শ্যামলীতে ৩ রুমের বাসা ভাড়া। ০১৬৭৩৪৫৬৭৮৯
পি-১০৩৭৩/১
শিক্ষা ইউসিসি, প্রাইভেট টিউশনি, কোচিং সেন্টার, ভর্তি চলছে। ০১৭১৪৫৬৭৮৯০
পি-১০৩৭৪/১
বিবিধ পাত্র চাই। শিক্ষিত পরিবারের মেয়ের জন্য প্রতিষ্ঠিত পাত্র চাই। ০১৮১২৩৪৫৬৭৮
পি-১০৩৭৫/১
কন্যা কাপেরী হত্যা
নিজস্ব প্রতিবেদক: রাজধানীতে কন্যাকে হত্যার অভিযোগে পুলিশ একজনকে গ্রেফতার করেছে। পুলিশ জানায়, পারিবারিক কলহের জেরে এ ঘটনা ঘটে থাকতে পারে। এ ঘটনায় মামলা দায়ের করা হয়েছে এবং তদন্ত চলছে।
নিজস্ব প্রতিবেদক: রাজধানীতে কন্যাকে হত্যার অভিযোগে পুলিশ একজনকে গ্রেফতার করেছে। পুলিশ জানায়, পারিবারিক কলহের জেরে এ ঘটনা ঘটে থাকতে পারে। এ ঘটনায় মামলা দায়ের করা হয়েছে এবং তদন্ত চলছে।
অস্বাস্থ্য সেই
দেশের বিভিন্ন স্থানে হাসপাতালগুলোতে অস্বাস্থ্যকর পরিবেশে চিকিৎসা সেবা দেওয়া হচ্ছে বলে অভিযোগ উঠেছে। স্বাস্থ্য অধিদফতর বিষয়টি খতিয়ে দেখার আশ্বাস দিয়েছে। রোগীরা জানিয়েছেন, পর্যাপ্ত পরিচ্ছন্নতার অভাবে নানা সমস্যার মুখোমুখি হতে হচ্ছে তাদের।
দেশের বিভিন্ন স্থানে হাসপাতালগুলোতে অস্বাস্থ্যকর পরিবেশে চিকিৎসা সেবা দেওয়া হচ্ছে বলে অভিযোগ উঠেছে। স্বাস্থ্য অধিদফতর বিষয়টি খতিয়ে দেখার আশ্বাস দিয়েছে। রোগীরা জানিয়েছেন, পর্যাপ্ত পরিচ্ছন্নতার অভাবে নানা সমস্যার মুখোমুখি হতে হচ্ছে তাদের।
দেশের বিভিন্ন স্থানে হাসপাতালগুলোতে অস্বাস্থ্যকর পরিবেশে চিকিৎসা সেবা দেওয়া হচ্ছে বলে অভিযোগ উঠেছে। স্বাস্থ্য অধিদফতর বিষয়টি খতিয়ে দেখার আশ্বাস দিয়েছে। রোগীরা জানিয়েছেন, পর্যাপ্ত পরিচ্ছন্নতার অভাবে নানা সমস্যার মুখোমুখি হতে হচ্ছে তাদের।
শিল্পসিদ্ধি মন্ত্রী
শিল্পমন্ত্রী বলেছেন, দেশের শিল্পায়নকে এগিয়ে নিতে সরকার বদ্ধপরিকর। তিনি গতকাল রাজধানীতে এক অনুষ্ঠানে এ কথা বলেন। তিনি আরও বলেন, বিনিয়োগের পরিবেশ উন্নয়নে নানা পদক্ষেপ নেওয়া হচ্ছে এবং বিদেশি বিনিয়োগকারীরা আগ্রহ দেখাচ্ছেন।
শিল্পমন্ত্রী বলেছেন, দেশের শিল্পায়নকে এগিয়ে নিতে সরকার বদ্ধপরিকর। তিনি গতকাল রাজধানীতে এক অনুষ্ঠানে এ কথা বলেন। তিনি আরও বলেন, বিনিয়োগের পরিবেশ উন্নয়নে নানা পদক্ষেপ নেওয়া হচ্ছে এবং বিদেশি বিনিয়োগকারীরা আগ্রহ দেখাচ্ছেন।
শিল্পমন্ত্রী বলেছেন, দেশের শিল্পায়নকে এগিয়ে নিতে সরকার বদ্ধপরিকর। তিনি গতকাল রাজধানীতে এক অনুষ্ঠানে এ কথা বলেন। তিনি আরও বলেন, বিনিয়োগের পরিবেশ উন্নয়নে নানা পদক্ষেপ নেওয়া হচ্ছে এবং বিদেশি বিনিয়োগকারীরা আগ্রহ দেখাচ্ছেন।
চিকিৎসিতা দুইজ
গাজীপুরে একটি কারখানায় অগ্নিকাণ্ডে আহত দুই শ্রমিককে হাসপাতালে ভর্তি করা হয়েছে। ফায়ার সার্ভিস জানায়, বৈদ্যুতিক শর্টসার্কিট থেকে আগুনের সূত্রপাত। আহতদের অবস্থা আশঙ্কাজনক বলে চিকিৎসকরা জানিয়েছেন।
গাজীপুরে একটি কারখানায় অগ্নিকাণ্ডে আহত দুই শ্রমিককে হাসপাতালে ভর্তি করা হয়েছে। ফায়ার সার্ভিস জানায়, বৈদ্যুতিক শর্টসার্কিট থেকে আগুনের সূত্রপাত। আহতদের অবস্থা আশঙ্কাজনক বলে চিকিৎসকরা জানিয়েছেন।
UCC
শুধু বিশ্ববিদ্যালয় ভর্তি কোচিং
UCC Compact Coaching
ঢাকা বিশ্ববিদ্যালয় • জাহাঙ্গীরনগর • রাজশাহী • চট্টগ্রাম • মেডিকেল • ইঞ্জিনিয়ারিং
কোম্পানীগঞ্জে কুল
